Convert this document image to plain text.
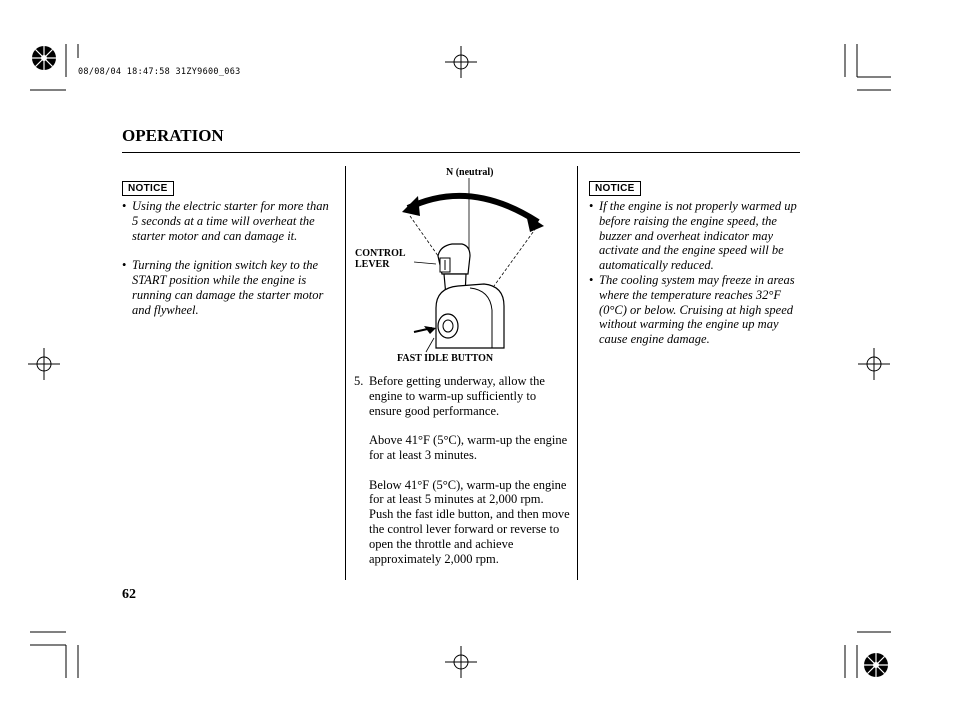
08/08/04 18:47:58 31ZY9600_063
OPERATION
NOTICE
• Using the electric starter for more than 5 seconds at a time will overheat the starter motor and can damage it.
• Turning the ignition switch key to the START position while the engine is running can damage the starter motor and flywheel.
N (neutral)
CONTROL
LEVER
FAST IDLE BUTTON
5. Before getting underway, allow the engine to warm-up sufficiently to ensure good performance.

Above 41°F (5°C), warm-up the engine for at least 3 minutes.

Below 41°F (5°C), warm-up the engine for at least 5 minutes at 2,000 rpm. Push the fast idle button, and then move the control lever forward or reverse to open the throttle and achieve approximately 2,000 rpm.

NOTICE
• If the engine is not properly warmed up before raising the engine speed, the buzzer and overheat indicator may activate and the engine speed will be automatically reduced.
• The cooling system may freeze in areas where the temperature reaches 32°F (0°C) or below. Cruising at high speed without warming the engine up may cause engine damage.
62
